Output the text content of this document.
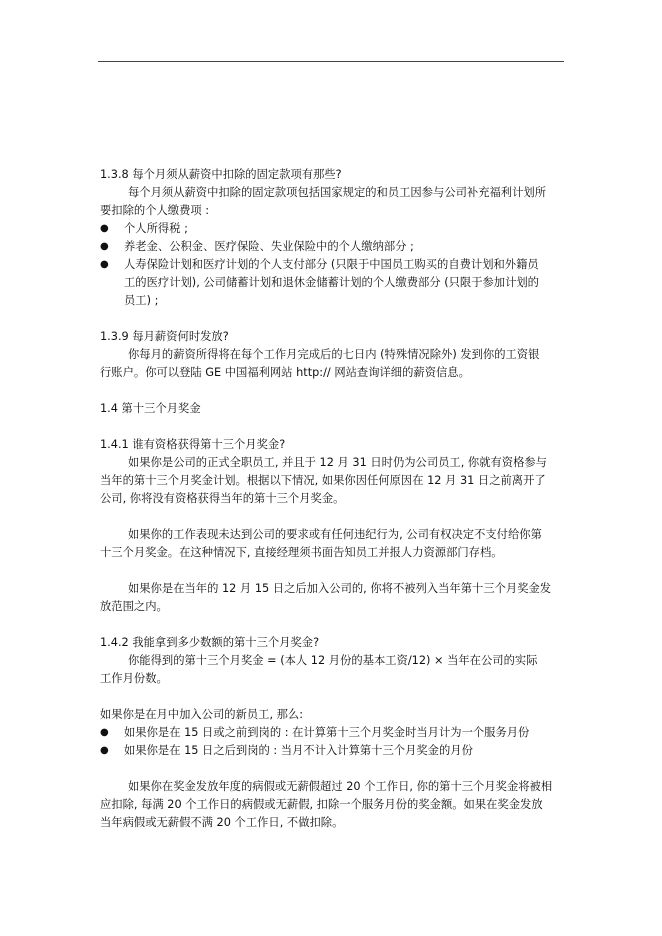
1.3.8 每个月须从薪资中扣除的固定款项有那些?
每个月须从薪资中扣除的固定款项包括国家规定的和员工因参与公司补充福利计划所
要扣除的个人缴费项 :
●	个人所得税 ;
●	养老金、公积金、医疗保险、失业保险中的个人缴纳部分 ;
●	人寿保险计划和医疗计划的个人支付部分 (只限于中国员工购买的自费计划和外籍员
工的医疗计划), 公司储蓄计划和退休金储蓄计划的个人缴费部分 (只限于参加计划的
员工) ;
1.3.9 每月薪资何时发放?
你每月的薪资所得将在每个工作月完成后的七日内 (特殊情况除外) 发到你的工资银
行账户。你可以登陆 GE 中国福利网站 http:// 网站查询详细的薪资信息。
1.4 第十三个月奖金
1.4.1 谁有资格获得第十三个月奖金?
如果你是公司的正式全职员工, 并且于 12 月 31 日时仍为公司员工, 你就有资格参与
当年的第十三个月奖金计划。根据以下情况, 如果你因任何原因在 12 月 31 日之前离开了
公司, 你将没有资格获得当年的第十三个月奖金。
如果你的工作表现未达到公司的要求或有任何违纪行为, 公司有权决定不支付给你第
十三个月奖金。在这种情况下, 直接经理须书面告知员工并报人力资源部门存档。
如果你是在当年的 12 月 15 日之后加入公司的, 你将不被列入当年第十三个月奖金发
放范围之内。
1.4.2 我能拿到多少数额的第十三个月奖金?
你能得到的第十三个月奖金 = (本人 12 月份的基本工资/12) × 当年在公司的实际
工作月份数。
如果你是在月中加入公司的新员工, 那么:
●	如果你是在 15 日或之前到岗的 : 在计算第十三个月奖金时当月计为一个服务月份
●	如果你是在 15 日之后到岗的 : 当月不计入计算第十三个月奖金的月份
如果你在奖金发放年度的病假或无薪假超过 20 个工作日, 你的第十三个月奖金将被相
应扣除, 每满 20 个工作日的病假或无薪假, 扣除一个服务月份的奖金额。如果在奖金发放
当年病假或无薪假不满 20 个工作日, 不做扣除。
